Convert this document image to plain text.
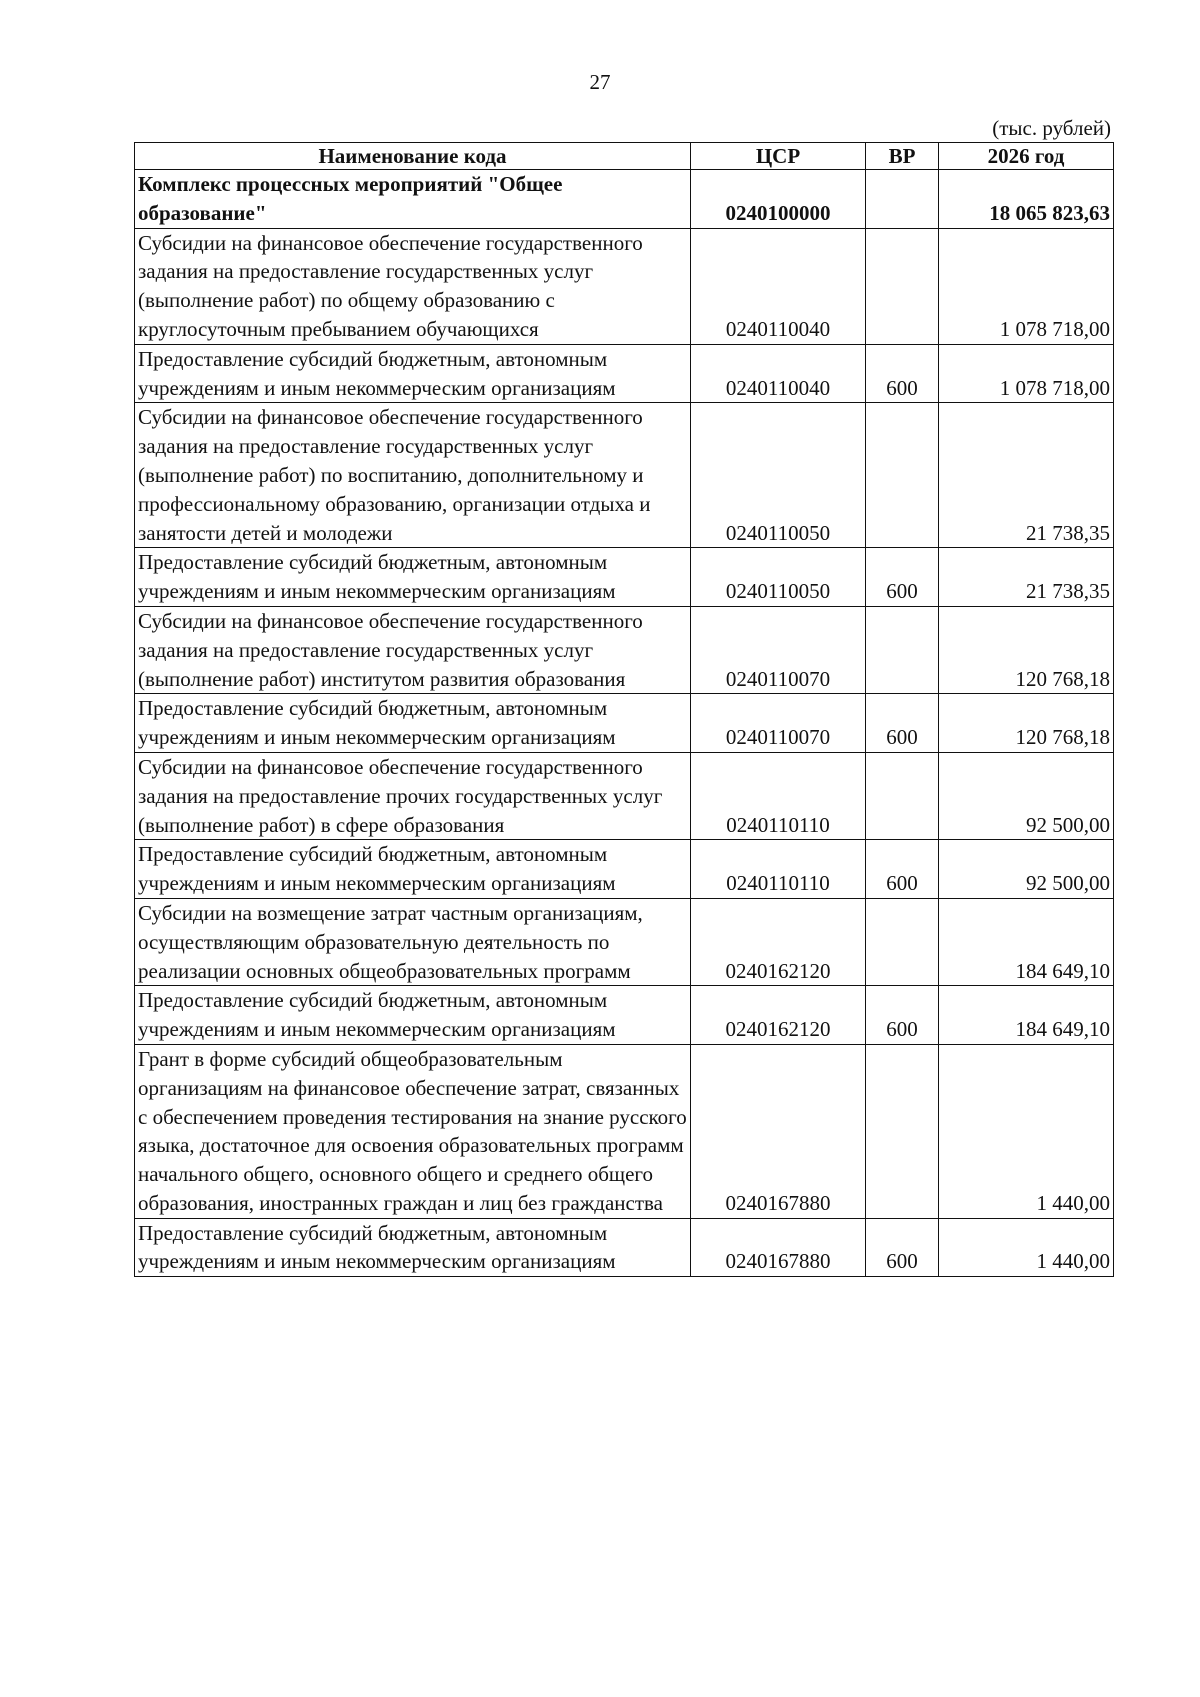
27
(тыс. рублей)
Наименование кода	ЦСР	ВР	2026 год
Комплекс процессных мероприятий "Общее образование"	0240100000		18 065 823,63
Субсидии на финансовое обеспечение государственного задания на предоставление государственных услуг (выполнение работ) по общему образованию с круглосуточным пребыванием обучающихся	0240110040		1 078 718,00
Предоставление субсидий бюджетным, автономным учреждениям и иным некоммерческим организациям	0240110040	600	1 078 718,00
Субсидии на финансовое обеспечение государственного задания на предоставление государственных услуг (выполнение работ) по воспитанию, дополнительному и профессиональному образованию, организации отдыха и занятости детей и молодежи	0240110050		21 738,35
Предоставление субсидий бюджетным, автономным учреждениям и иным некоммерческим организациям	0240110050	600	21 738,35
Субсидии на финансовое обеспечение государственного задания на предоставление государственных услуг (выполнение работ) институтом развития образования	0240110070		120 768,18
Предоставление субсидий бюджетным, автономным учреждениям и иным некоммерческим организациям	0240110070	600	120 768,18
Субсидии на финансовое обеспечение государственного задания на предоставление прочих государственных услуг (выполнение работ) в сфере образования	0240110110		92 500,00
Предоставление субсидий бюджетным, автономным учреждениям и иным некоммерческим организациям	0240110110	600	92 500,00
Субсидии на возмещение затрат частным организациям, осуществляющим образовательную деятельность по реализации основных общеобразовательных программ	0240162120		184 649,10
Предоставление субсидий бюджетным, автономным учреждениям и иным некоммерческим организациям	0240162120	600	184 649,10
Грант в форме субсидий общеобразовательным организациям на финансовое обеспечение затрат, связанных с обеспечением проведения тестирования на знание русского языка, достаточное для освоения образовательных программ начального общего, основного общего и среднего общего образования, иностранных граждан и лиц без гражданства	0240167880		1 440,00
Предоставление субсидий бюджетным, автономным учреждениям и иным некоммерческим организациям	0240167880	600	1 440,00
